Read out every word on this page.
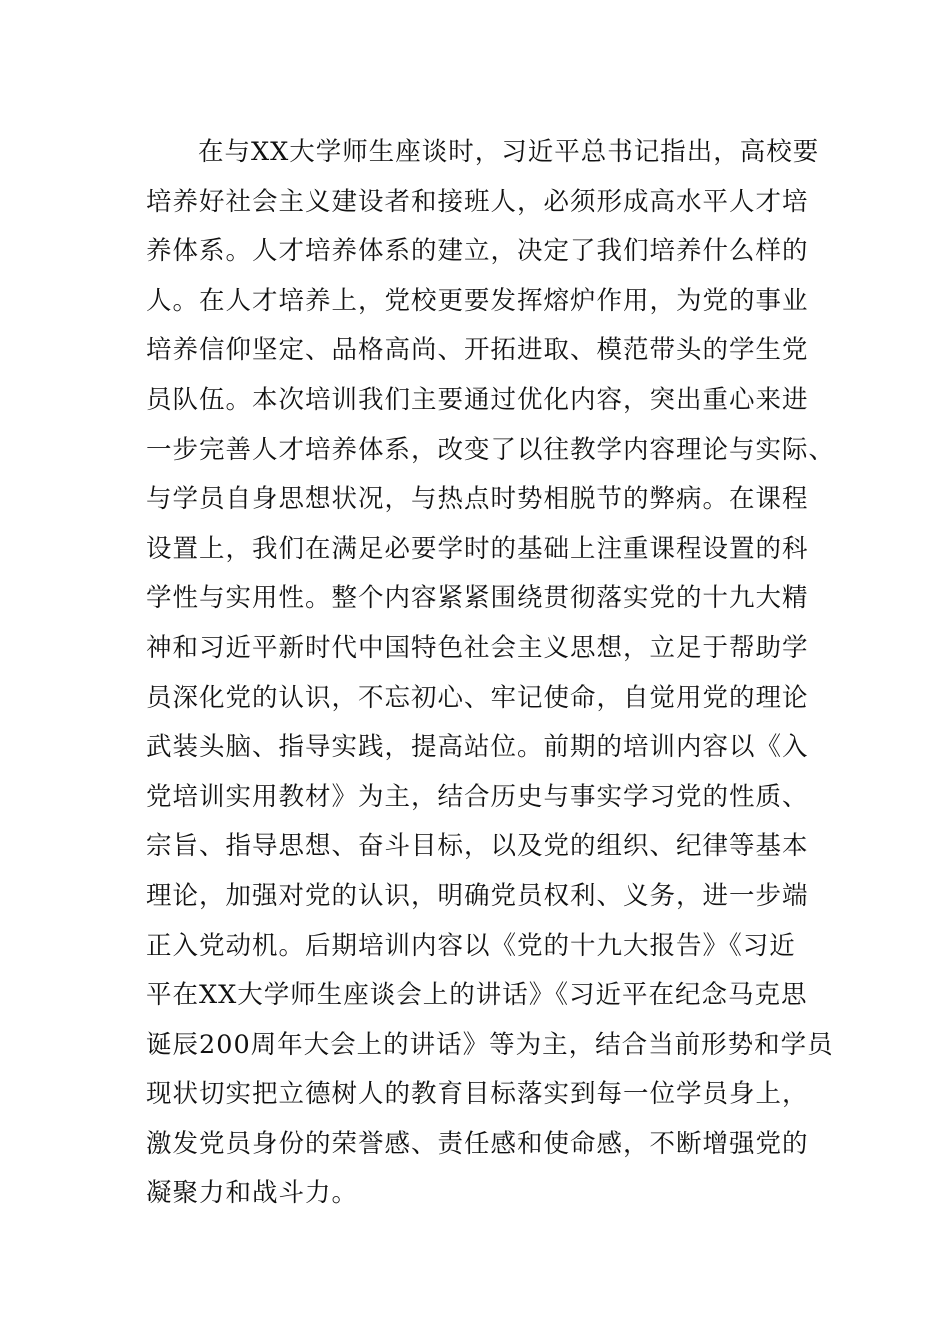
在与XX大学师生座谈时，习近平总书记指出，高校要
培养好社会主义建设者和接班人，必须形成高水平人才培
养体系。人才培养体系的建立，决定了我们培养什么样的
人。在人才培养上，党校更要发挥熔炉作用，为党的事业
培养信仰坚定、品格高尚、开拓进取、模范带头的学生党
员队伍。本次培训我们主要通过优化内容，突出重心来进
一步完善人才培养体系，改变了以往教学内容理论与实际、
与学员自身思想状况，与热点时势相脱节的弊病。在课程
设置上，我们在满足必要学时的基础上注重课程设置的科
学性与实用性。整个内容紧紧围绕贯彻落实党的十九大精
神和习近平新时代中国特色社会主义思想，立足于帮助学
员深化党的认识，不忘初心、牢记使命，自觉用党的理论
武装头脑、指导实践，提高站位。前期的培训内容以《入
党培训实用教材》为主，结合历史与事实学习党的性质、
宗旨、指导思想、奋斗目标，以及党的组织、纪律等基本
理论，加强对党的认识，明确党员权利、义务，进一步端
正入党动机。后期培训内容以《党的十九大报告》《习近
平在XX大学师生座谈会上的讲话》《习近平在纪念马克思
诞辰200周年大会上的讲话》等为主，结合当前形势和学员
现状切实把立德树人的教育目标落实到每一位学员身上，
激发党员身份的荣誉感、责任感和使命感，不断增强党的
凝聚力和战斗力。
